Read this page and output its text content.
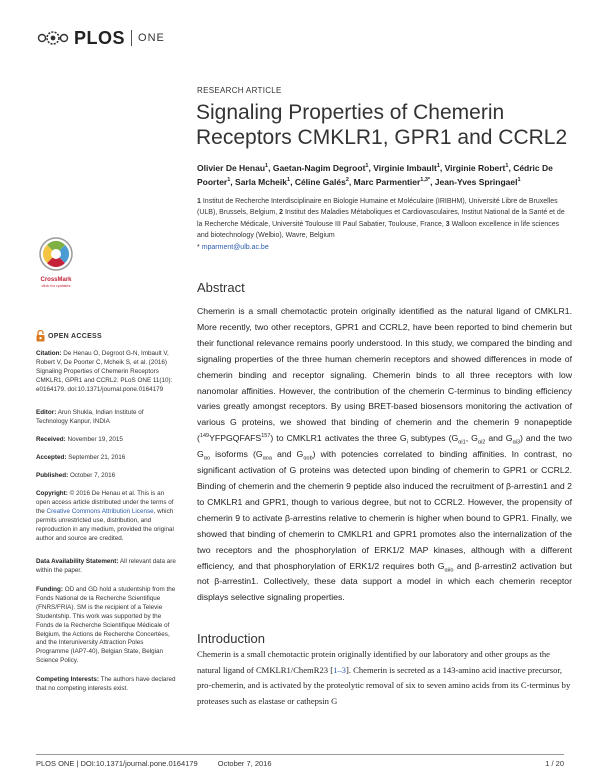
PLOS ONE
RESEARCH ARTICLE
Signaling Properties of Chemerin Receptors CMKLR1, GPR1 and CCRL2
Olivier De Henau$^1$, Gaetan-Nagim Degroot$^1$, Virginie Imbault$^1$, Virginie Robert$^1$, Cédric De Poorter$^1$, Sarla Mcheik$^1$, Céline Galés$^2$, Marc Parmentier$^{1,3*}$, Jean-Yves Springael$^1$
1 Institut de Recherche Interdisciplinaire en Biologie Humaine et Moléculaire (IRIBHM), Université Libre de Bruxelles (ULB), Brussels, Belgium, 2 Institut des Maladies Métaboliques et Cardiovasculaires, Institut National de la Santé et de la Recherche Médicale, Université Toulouse III Paul Sabatier, Toulouse, France, 3 Walloon excellence in life sciences and biotechnology (Welbio), Wavre, Belgium
* mparment@ulb.ac.be
CrossMark
click for updates
OPEN ACCESS
Citation: De Henau O, Degroot G-N, Imbault V, Robert V, De Poorter C, Mcheik S, et al. (2016) Signaling Properties of Chemerin Receptors CMKLR1, GPR1 and CCRL2. PLoS ONE 11(10): e0164179. doi:10.1371/journal.pone.0164179
Editor: Arun Shukla, Indian Institute of Technology Kanpur, INDIA
Received: November 19, 2015
Accepted: September 21, 2016
Published: October 7, 2016
Copyright: © 2016 De Henau et al. This is an open access article distributed under the terms of the Creative Commons Attribution License, which permits unrestricted use, distribution, and reproduction in any medium, provided the original author and source are credited.
Data Availability Statement: All relevant data are within the paper.
Funding: OD and GD hold a studentship from the Fonds National de la Recherche Scientifique (FNRS/FRIA). SM is the recipient of a Televie Studentship. This work was supported by the Fonds de la Recherche Scientifique Médicale of Belgium, the Actions de Recherche Concertées, and the Interuniversity Attraction Poles Programme (IAP7-40), Belgian State, Belgian Science Policy.
Competing Interests: The authors have declared that no competing interests exist.
Abstract

Chemerin is a small chemotactic protein originally identified as the natural ligand of CMKLR1. More recently, two other receptors, GPR1 and CCRL2, have been reported to bind chemerin but their functional relevance remains poorly understood. In this study, we compared the binding and signaling properties of the three human chemerin receptors and showed differences in mode of chemerin binding and receptor signaling. Chemerin binds to all three receptors with low nanomolar affinities. However, the contribution of the chemerin C-terminus to binding efficiency varies greatly amongst receptors. By using BRET-based biosensors monitoring the activation of various G proteins, we showed that binding of chemerin and the chemerin 9 nonapeptide ($^{149}$YFPGQFAFS$^{157}$) to CMKLR1 activates the three $G_i$ subtypes ($G_{\alpha i1}$, $G_{\alpha i2}$ and $G_{\alpha i3}$) and the two $G_{\alpha o}$ isoforms ($G_{\alpha oa}$ and $G_{\alpha ob}$) with potencies correlated to binding affinities. In contrast, no significant activation of G proteins was detected upon binding of chemerin to GPR1 or CCRL2. Binding of chemerin and the chemerin 9 peptide also induced the recruitment of β-arrestin1 and 2 to CMKLR1 and GPR1, though to various degree, but not to CCRL2. However, the propensity of chemerin 9 to activate β-arrestins relative to chemerin is higher when bound to GPR1. Finally, we showed that binding of chemerin to CMKLR1 and GPR1 promotes also the internalization of the two receptors and the phosphorylation of ERK1/2 MAP kinases, although with a different efficiency, and that phosphorylation of ERK1/2 requires both $G_{\alpha i/o}$ and β-arrestin2 activation but not β-arrestin1. Collectively, these data support a model in which each chemerin receptor displays selective signaling properties.

Introduction

Chemerin is a small chemotactic protein originally identified by our laboratory and other groups as the natural ligand of CMKLR1/ChemR23 [1–3]. Chemerin is secreted as a 143-amino acid inactive precursor, pro-chemerin, and is activated by the proteolytic removal of six to seven amino acids from its C-terminus by proteases such as elastase or cathepsin G

PLOS ONE | DOI:10.1371/journal.pone.0164179	October 7, 2016	1 / 20
